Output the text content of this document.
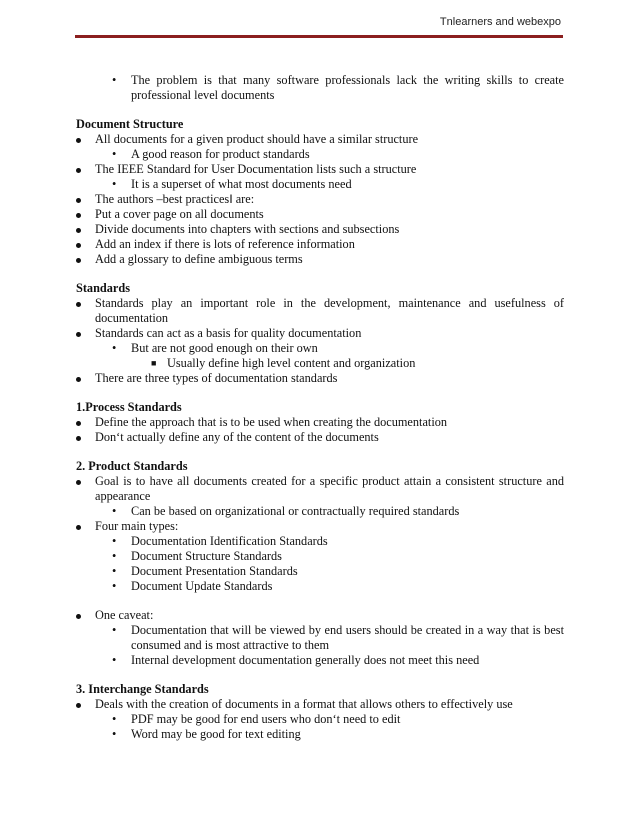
Tnlearners and webexpo
• The problem is that many software professionals lack the writing skills to create professional level documents
Document Structure
All documents for a given product should have a similar structure
• A good reason for product standards
The IEEE Standard for User Documentation lists such a structure
• It is a superset of what most documents need
The authors –best practices‖ are:
Put a cover page on all documents
Divide documents into chapters with sections and subsections
Add an index if there is lots of reference information
Add a glossary to define ambiguous terms
Standards
Standards play an important role in the development, maintenance and usefulness of documentation
Standards can act as a basis for quality documentation
• But are not good enough on their own
■ Usually define high level content and organization
There are three types of documentation standards
1.Process Standards
Define the approach that is to be used when creating the documentation
Don‘t actually define any of the content of the documents
2. Product Standards
Goal is to have all documents created for a specific product attain a consistent structure and appearance
• Can be based on organizational or contractually required standards
Four main types:
• Documentation Identification Standards
• Document Structure Standards
• Document Presentation Standards
• Document Update Standards
One caveat:
• Documentation that will be viewed by end users should be created in a way that is best consumed and is most attractive to them
• Internal development documentation generally does not meet this need
3. Interchange Standards
Deals with the creation of documents in a format that allows others to effectively use
• PDF may be good for end users who don‘t need to edit
• Word may be good for text editing
